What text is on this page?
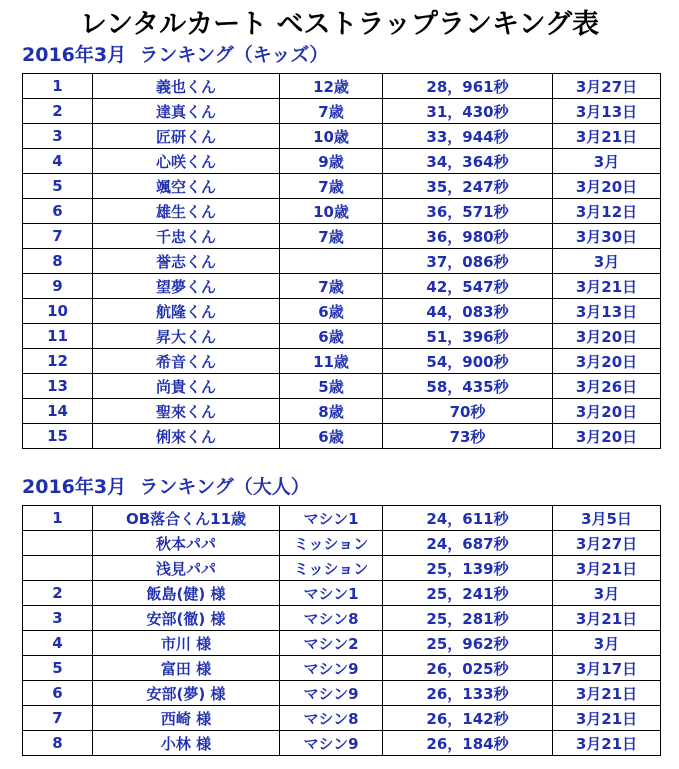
レンタルカート ベストラップランキング表
2016年3月  ランキング（キッズ）
1	義也くん	12歳	28，961秒	3月27日
2	達真くん	7歳	31，430秒	3月13日
3	匠研くん	10歳	33，944秒	3月21日
4	心咲くん	9歳	34，364秒	3月
5	颯空くん	7歳	35，247秒	3月20日
6	雄生くん	10歳	36，571秒	3月12日
7	千忠くん	7歳	36，980秒	3月30日
8	誉志くん		37，086秒	3月
9	望夢くん	7歳	42，547秒	3月21日
10	航隆くん	6歳	44，083秒	3月13日
11	昇大くん	6歳	51，396秒	3月20日
12	希音くん	11歳	54，900秒	3月20日
13	尚貴くん	5歳	58，435秒	3月26日
14	聖來くん	8歳	70秒	3月20日
15	俐來くん	6歳	73秒	3月20日
2016年3月  ランキング（大人）
1	OB落合くん11歳	マシン1	24，611秒	3月5日
	秋本パパ	ミッション	24，687秒	3月27日
	浅見パパ	ミッション	25，139秒	3月21日
2	飯島(健) 様	マシン1	25，241秒	3月
3	安部(徹) 様	マシン8	25，281秒	3月21日
4	市川 様	マシン2	25，962秒	3月
5	富田 様	マシン9	26，025秒	3月17日
6	安部(夢) 様	マシン9	26，133秒	3月21日
7	西崎 様	マシン8	26，142秒	3月21日
8	小林 様	マシン9	26，184秒	3月21日
